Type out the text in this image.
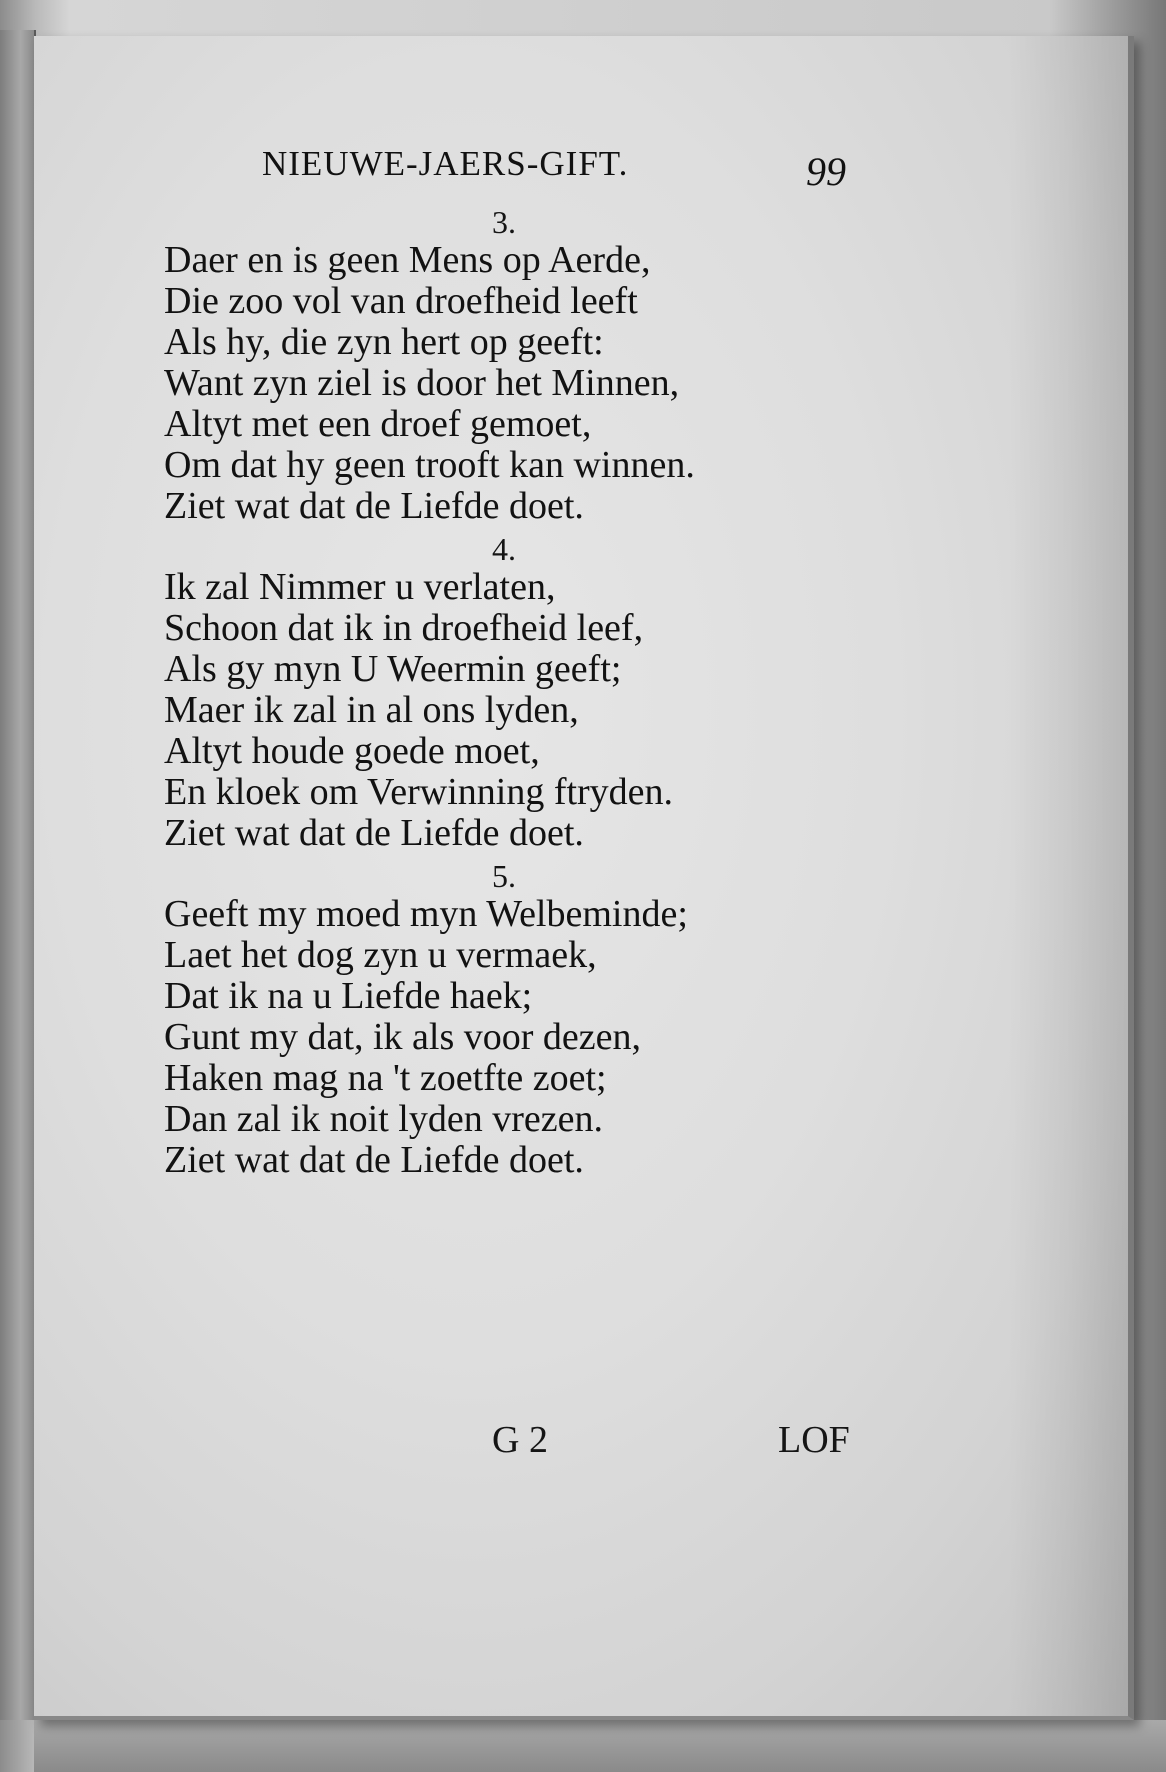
NIEUWE-JAERS-GIFT.	99
3.
Daer en is geen Mens op Aerde,
Die zoo vol van droefheid leeft
Als hy, die zyn hert op geeft:
Want zyn ziel is door het Minnen,
Altyt met een droef gemoet,
Om dat hy geen trooft kan winnen.
Ziet wat dat de Liefde doet.
4.
Ik zal Nimmer u verlaten,
Schoon dat ik in droefheid leef,
Als gy myn U Weermin geeft;
Maer ik zal in al ons lyden,
Altyt houde goede moet,
En kloek om Verwinning ftryden.
Ziet wat dat de Liefde doet.
5.
Geeft my moed myn Welbeminde;
Laet het dog zyn u vermaek,
Dat ik na u Liefde haek;
Gunt my dat, ik als voor dezen,
Haken mag na 't zoetfte zoet;
Dan zal ik noit lyden vrezen.
Ziet wat dat de Liefde doet.
G 2	LOF
